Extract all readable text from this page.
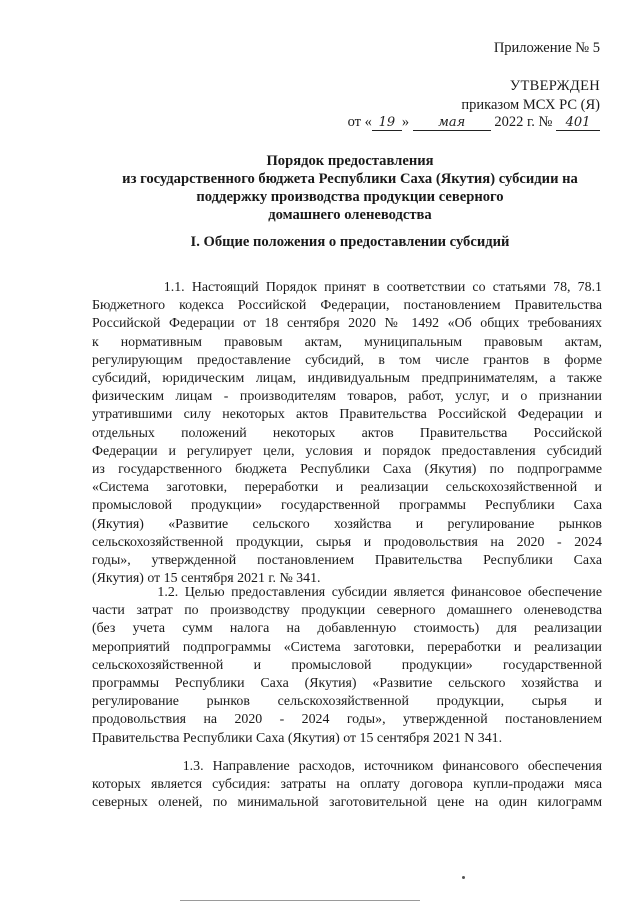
Приложение № 5
УТВЕРЖДЕН
приказом МСХ РС (Я)
от « 19 » мая 2022 г. № 401
Порядок предоставления
из государственного бюджета Республики Саха (Якутия) субсидии на
поддержку производства продукции северного
домашнего оленеводства
I. Общие положения о предоставлении субсидий
1.1. Настоящий Порядок принят в соответствии со статьями 78, 78.1
Бюджетного кодекса Российской Федерации, постановлением Правительства
Российской Федерации от 18 сентября 2020 № 1492 «Об общих требованиях
к нормативным правовым актам, муниципальным правовым актам,
регулирующим предоставление субсидий, в том числе грантов в форме
субсидий, юридическим лицам, индивидуальным предпринимателям, а также
физическим лицам - производителям товаров, работ, услуг, и о признании
утратившими силу некоторых актов Правительства Российской Федерации и
отдельных положений некоторых актов Правительства Российской
Федерации и регулирует цели, условия и порядок предоставления субсидий
из государственного бюджета Республики Саха (Якутия) по подпрограмме
«Система заготовки, переработки и реализации сельскохозяйственной и
промысловой продукции» государственной программы Республики Саха
(Якутия) «Развитие сельского хозяйства и регулирование рынков
сельскохозяйственной продукции, сырья и продовольствия на 2020 - 2024
годы», утвержденной постановлением Правительства Республики Саха
(Якутия) от 15 сентября 2021 г. № 341.
1.2. Целью предоставления субсидии является финансовое обеспечение
части затрат по производству продукции северного домашнего оленеводства
(без учета сумм налога на добавленную стоимость) для реализации
мероприятий подпрограммы «Система заготовки, переработки и реализации
сельскохозяйственной и промысловой продукции» государственной
программы Республики Саха (Якутия) «Развитие сельского хозяйства и
регулирование рынков сельскохозяйственной продукции, сырья и
продовольствия на 2020 - 2024 годы», утвержденной постановлением
Правительства Республики Саха (Якутия) от 15 сентября 2021 N 341.
1.3. Направление расходов, источником финансового обеспечения
которых является субсидия: затраты на оплату договора купли-продажи мяса
северных оленей, по минимальной заготовительной цене на один килограмм
